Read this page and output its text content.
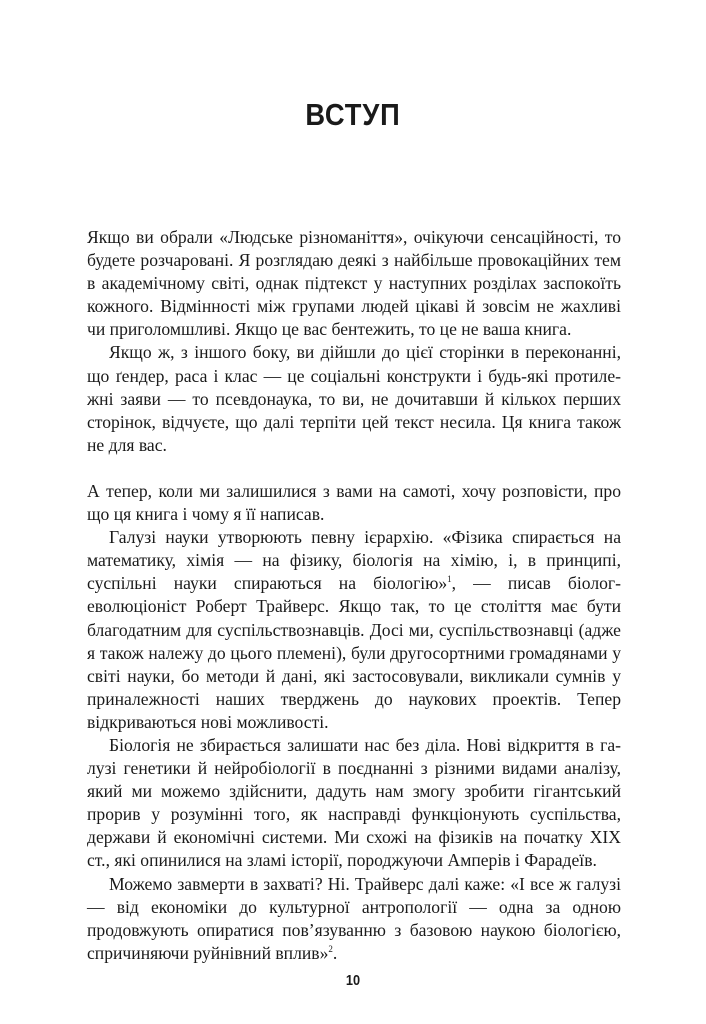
ВСТУП

Якщо ви обрали «Людське різноманіття», очікуючи сенсаційності, то будете розчаровані. Я розглядаю деякі з найбільше провокаційних тем в академічному світі, однак підтекст у наступних розділах заспокоїть кожного. Відмінності між групами людей цікаві й зовсім не жахливі чи приголомшливі. Якщо це вас бентежить, то це не ваша книга.

Якщо ж, з іншого боку, ви дійшли до цієї сторінки в переконанні, що ґендер, раса і клас — це соціальні конструкти і будь-які протилежні заяви — то псевдонаука, то ви, не дочитавши й кількох перших сторінок, відчуєте, що далі терпіти цей текст несила. Ця книга також не для вас.

А тепер, коли ми залишилися з вами на самоті, хочу розповісти, про що ця книга і чому я її написав.

Галузі науки утворюють певну ієрархію. «Фізика спирається на математику, хімія — на фізику, біологія на хімію, і, в принципі, суспільні науки спираються на біологію»$^1$, — писав біолог-еволюціоніст Роберт Трайверс. Якщо так, то це століття має бути благодатним для суспільствознавців. Досі ми, суспільствознавці (адже я також належу до цього племені), були другосортними громадянами у світі науки, бо методи й дані, які застосовували, викликали сумнів у приналежності наших тверджень до наукових проектів. Тепер відкриваються нові можливості.

Біологія не збирається залишати нас без діла. Нові відкриття в галузі генетики й нейробіології в поєднанні з різними видами аналізу, який ми можемо здійснити, дадуть нам змогу зробити гігантський прорив у розумінні того, як насправді функціонують суспільства, держави й економічні системи. Ми схожі на фізиків на початку XIX ст., які опинилися на зламі історії, породжуючи Амперів і Фарадеїв.

Можемо завмерти в захваті? Ні. Трайверс далі каже: «І все ж галузі — від економіки до культурної антропології — одна за одною продовжують опиратися пов’язуванню з базовою наукою біологією, спричиняючи руйнівний вплив»$^2$.

10
